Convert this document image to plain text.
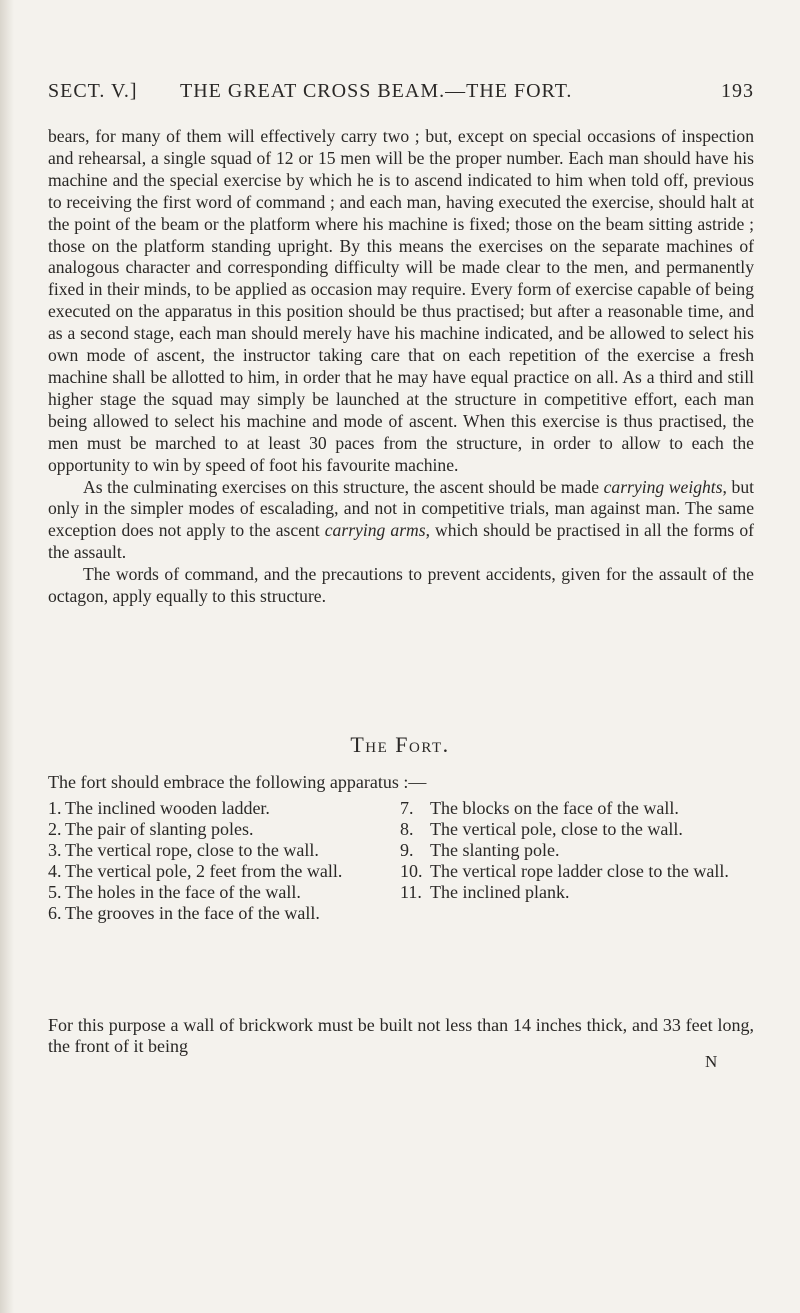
SECT. V.] THE GREAT CROSS BEAM.—THE FORT.	193

bears, for many of them will effectively carry two ; but, except on special occasions of inspection and rehearsal, a single squad of 12 or 15 men will be the proper number. Each man should have his machine and the special exercise by which he is to ascend indicated to him when told off, previous to receiving the first word of command ; and each man, having executed the exercise, should halt at the point of the beam or the platform where his machine is fixed; those on the beam sitting astride ; those on the platform standing upright. By this means the exercises on the separate machines of analogous character and corresponding difficulty will be made clear to the men, and permanently fixed in their minds, to be applied as occasion may require. Every form of exercise capable of being executed on the apparatus in this position should be thus practised; but after a reasonable time, and as a second stage, each man should merely have his machine indicated, and be allowed to select his own mode of ascent, the instructor taking care that on each repetition of the exercise a fresh machine shall be allotted to him, in order that he may have equal practice on all. As a third and still higher stage the squad may simply be launched at the structure in competitive effort, each man being allowed to select his machine and mode of ascent. When this exercise is thus practised, the men must be marched to at least 30 paces from the structure, in order to allow to each the opportunity to win by speed of foot his favourite machine.

As the culminating exercises on this structure, the ascent should be made carrying weights, but only in the simpler modes of escalading, and not in competitive trials, man against man. The same exception does not apply to the ascent carrying arms, which should be practised in all the forms of the assault.

The words of command, and the precautions to prevent accidents, given for the assault of the octagon, apply equally to this structure.

The Fort.
The fort should embrace the following apparatus :—
1. The inclined wooden ladder.
2. The pair of slanting poles.
3. The vertical rope, close to the wall.
4. The vertical pole, 2 feet from the wall.
5. The holes in the face of the wall.
6. The grooves in the face of the wall.
7. The blocks on the face of the wall.
8. The vertical pole, close to the wall.
9. The slanting pole.
10. The vertical rope ladder close to the wall.
11. The inclined plank.
For this purpose a wall of brickwork must be built not less than 14 inches thick, and 33 feet long, the front of it being
N
